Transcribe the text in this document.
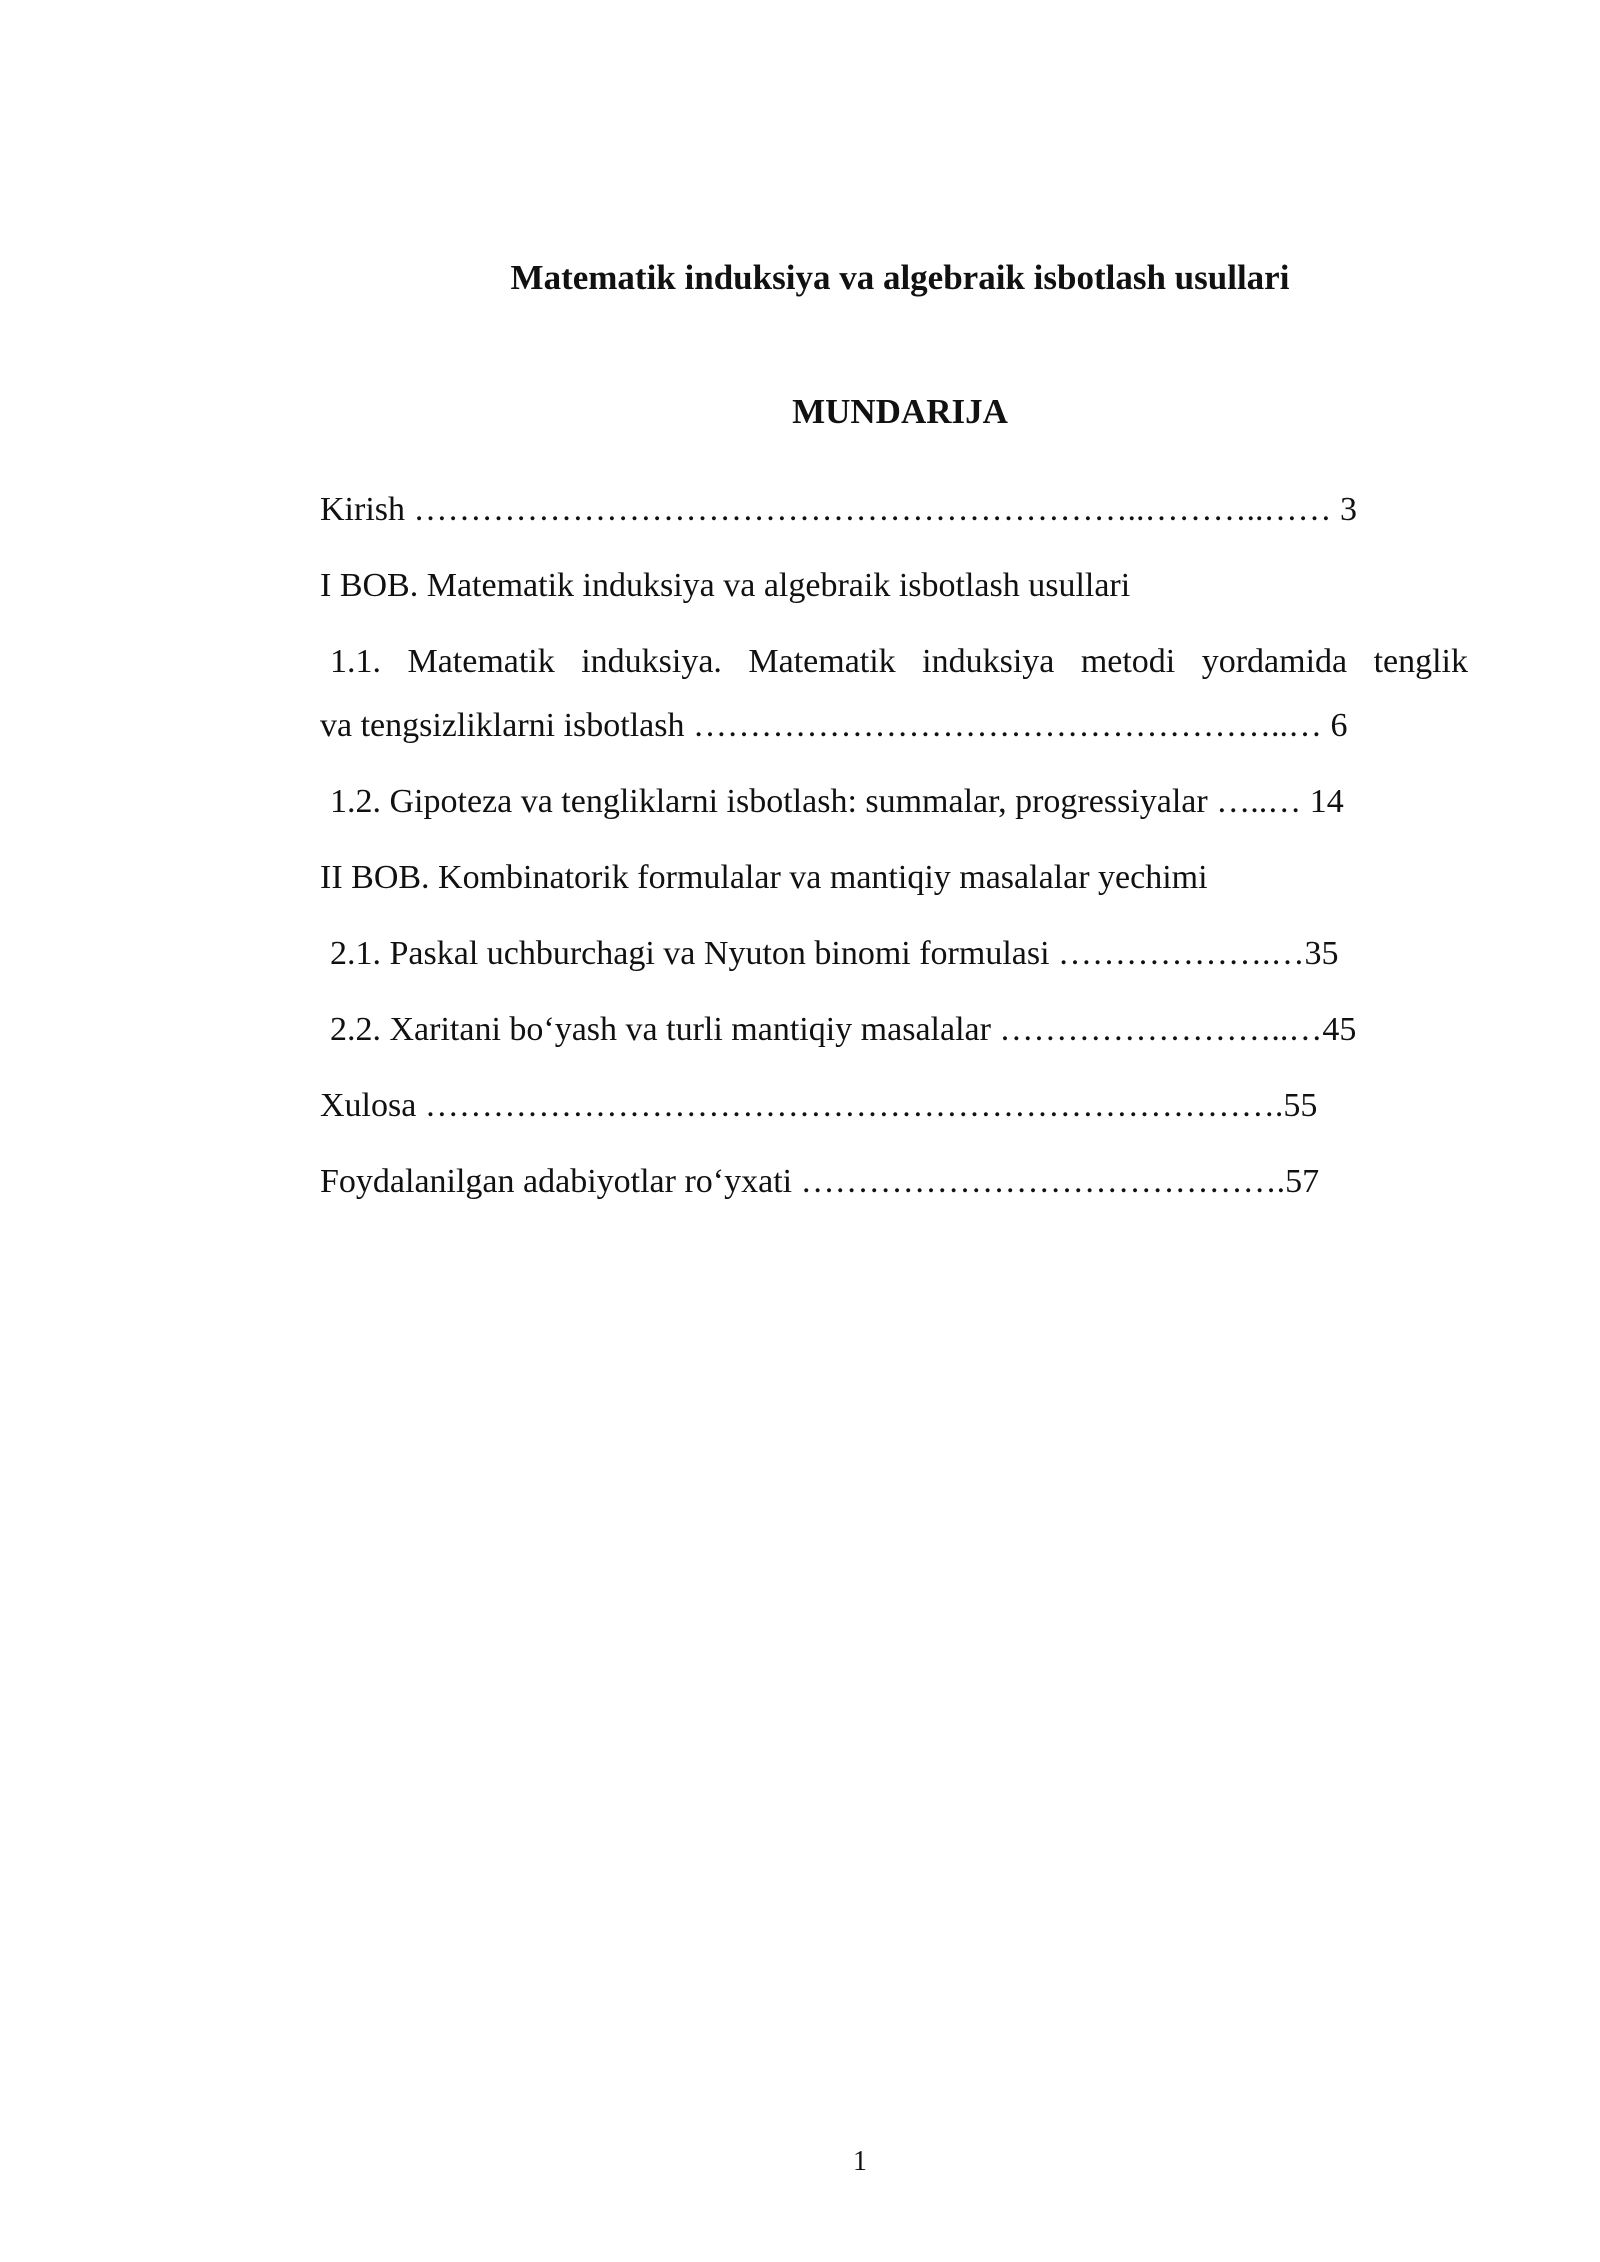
Matematik induksiya va algebraik isbotlash usullari
MUNDARIJA
Kirish ………………………………………………………..………..…… 3
I BOB. Matematik induksiya va algebraik isbotlash usullari
1.1. Matematik induksiya. Matematik induksiya metodi yordamida tenglik
va tengsizliklarni isbotlash ……………………………………………..… 6
1.2. Gipoteza va tengliklarni isbotlash: summalar, progressiyalar …..… 14
II BOB. Kombinatorik formulalar va mantiqiy masalalar yechimi
2.1. Paskal uchburchagi va Nyuton binomi formulasi ……………….…35
2.2. Xaritani bo‘yash va turli mantiqiy masalalar ……………………..…45
Xulosa ………………………………………………………………….55
Foydalanilgan adabiyotlar ro‘yxati …………………………………….57
1
